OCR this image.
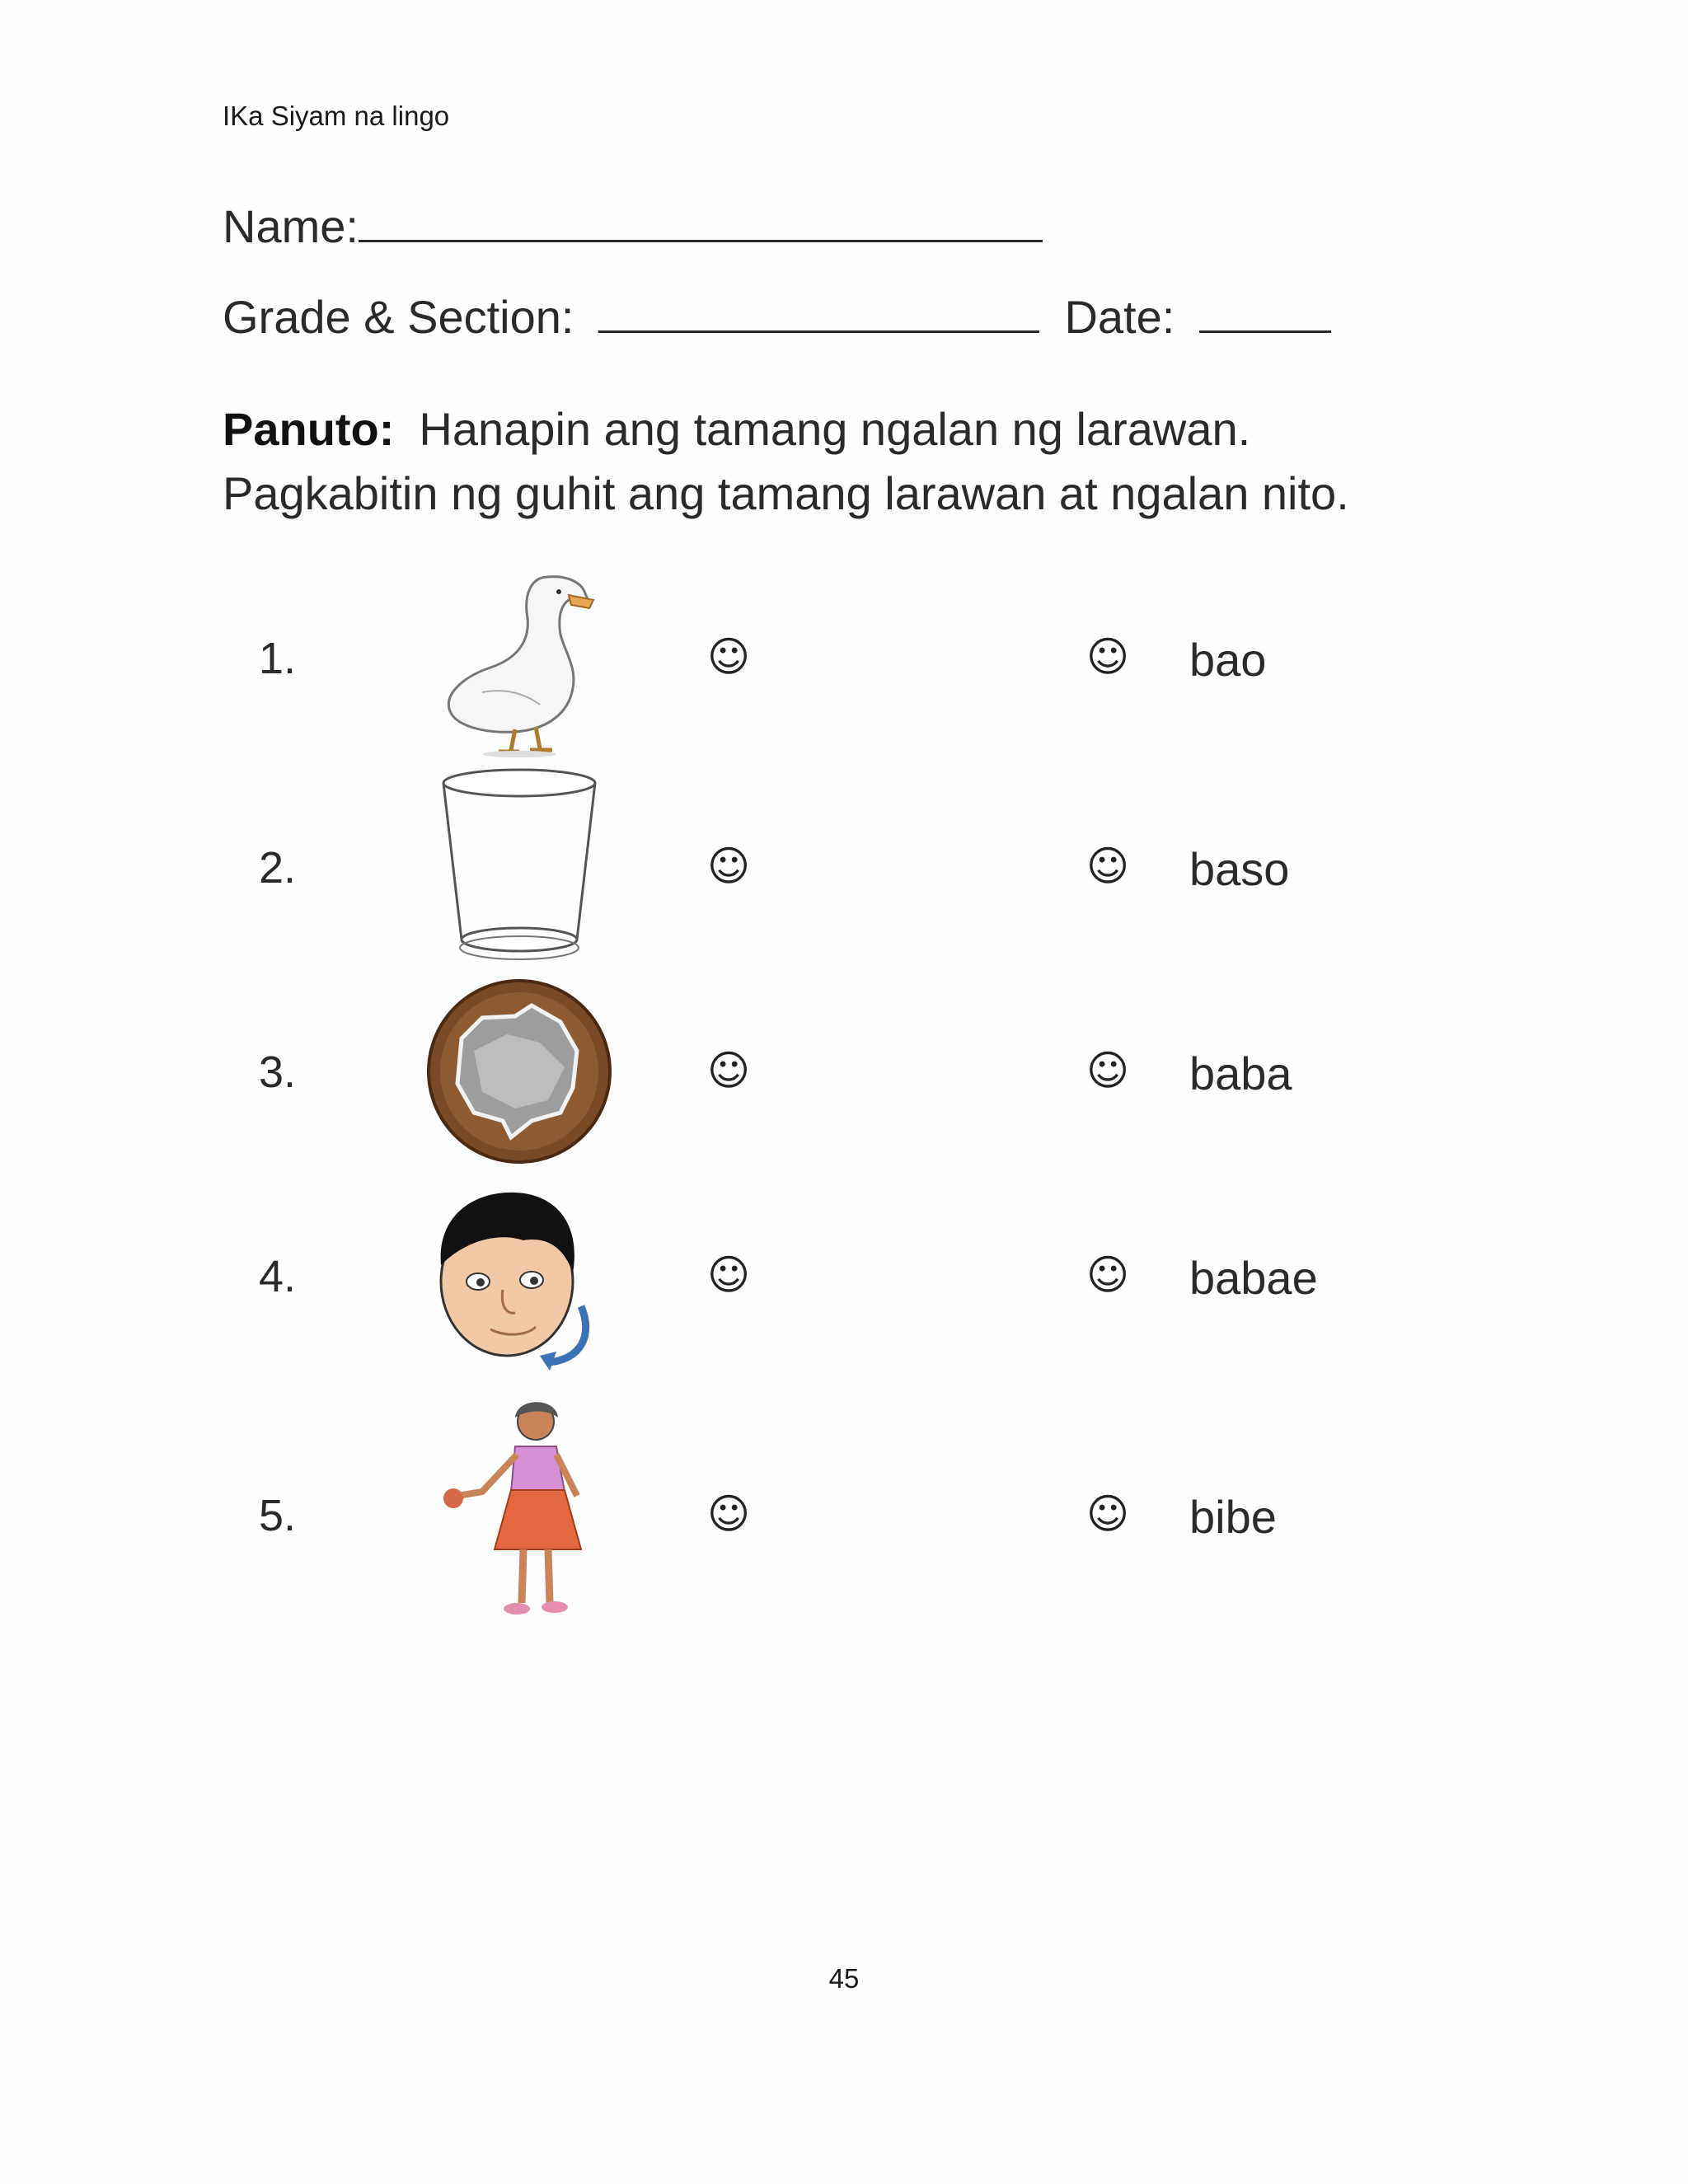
IKa Siyam na lingo
Name:
Grade & Section:	Date:
Panuto: Hanapin ang tamang ngalan ng larawan.
Pagkabitin ng guhit ang tamang larawan at ngalan nito.
1.	☺	☺ bao
2.	☺	☺ baso
3.	☺	☺ baba
4.	☺	☺ babae
5.	☺	☺ bibe
45
